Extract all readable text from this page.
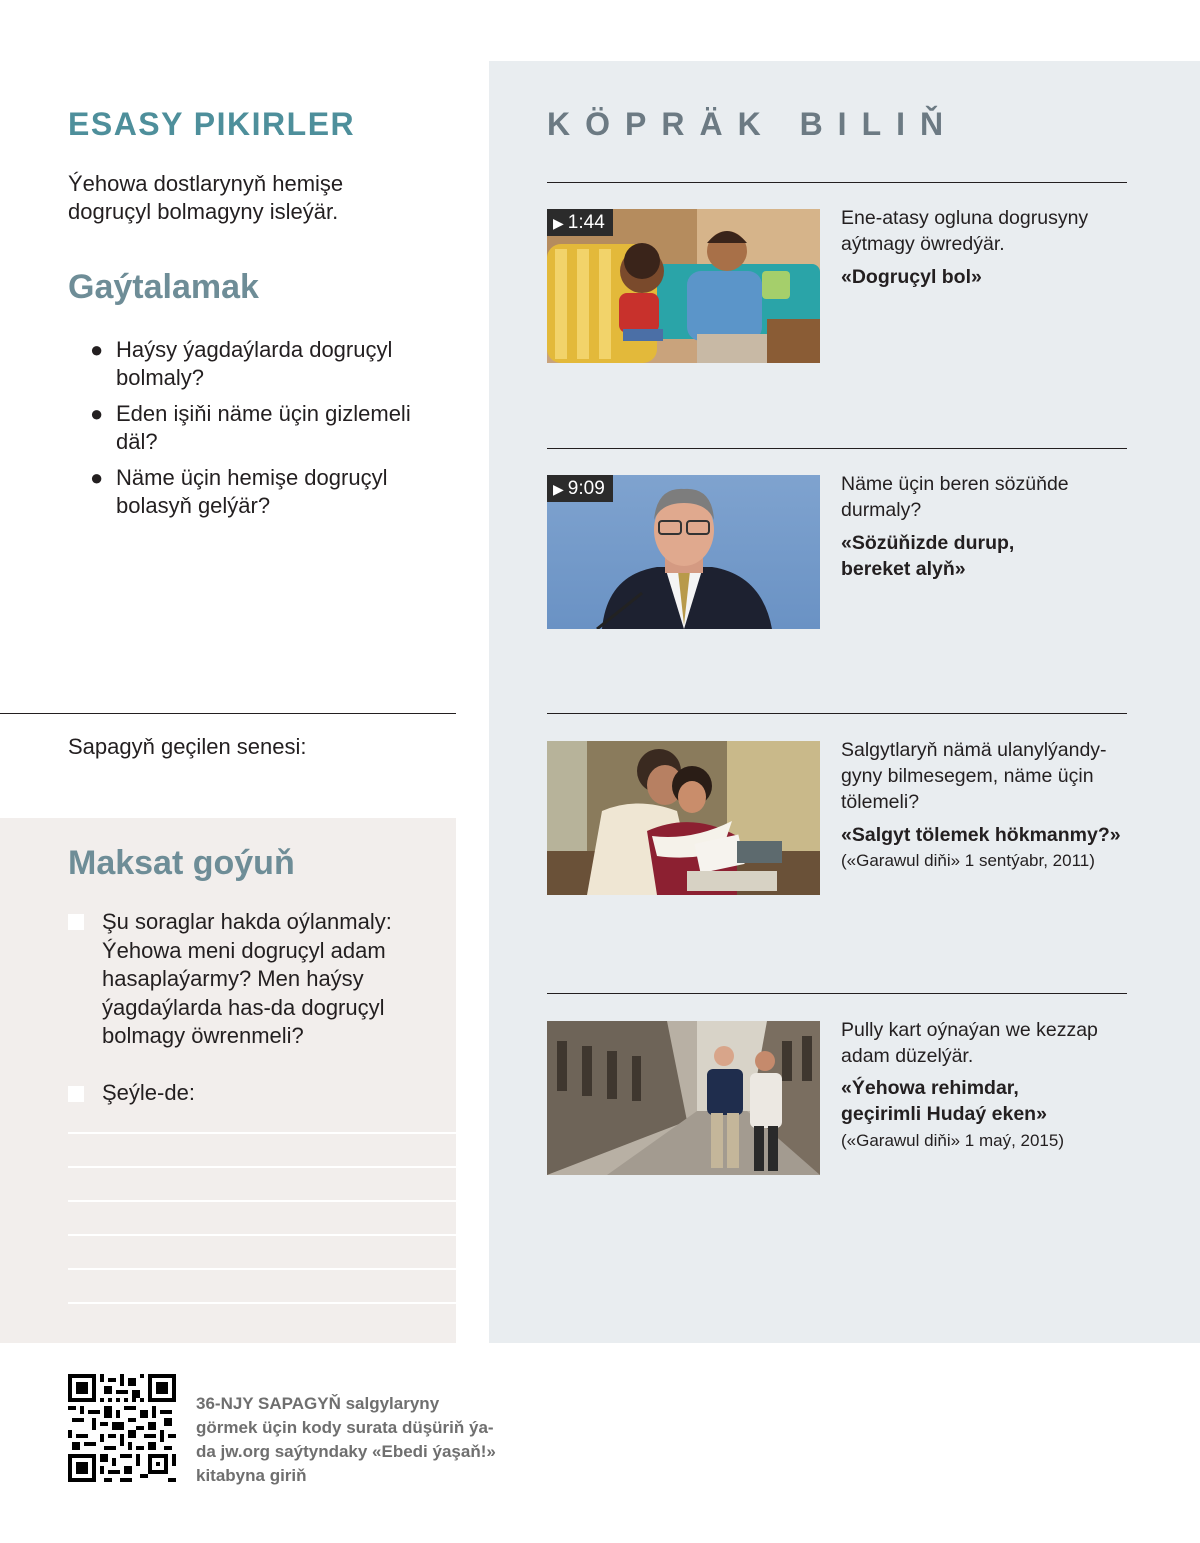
ESASY PIKIRLER
Ýehowa dostlarynyň hemişe dogruçyl bolmagyny isleýär.
Gaýtalamak
● Haýsy ýagdaýlarda dogruçyl bolmaly?
● Eden işiňi näme üçin gizlemeli däl?
● Näme üçin hemişe dogruçyl bolasyň gelýär?
Sapagyň geçilen senesi:
Maksat goýuň
Şu soraglar hakda oýlanmaly: Ýehowa meni dogruçyl adam hasaplaýarmy? Men haýsy ýagdaýlarda has-da dogruçyl bolmagy öwrenmeli?
Şeýle-de:
KÖPRÄK BILIŇ
▶ 1:44	Ene-atasy ogluna dogrusyny aýtmagy öwredýär.
«Dogruçyl bol»
▶ 9:09	Näme üçin beren sözüňde durmaly?
«Sözüňizde durup, bereket alyň»
Salgytlaryň nämä ulanylýandy-gyny bilmesegem, näme üçin tölemeli?
«Salgyt tölemek hökmanmy?»
(«Garawul diňi» 1 sentýabr, 2011)
Pully kart oýnaýan we kezzap adam düzelýär.
«Ýehowa rehimdar, geçirimli Hudaý eken»
(«Garawul diňi» 1 maý, 2015)
36-NJY SAPAGYŇ salgylaryny görmek üçin kody surata düşüriň ýa-da jw.org saýtyndaky «Ebedi ýaşaň!» kitabyna giriň
